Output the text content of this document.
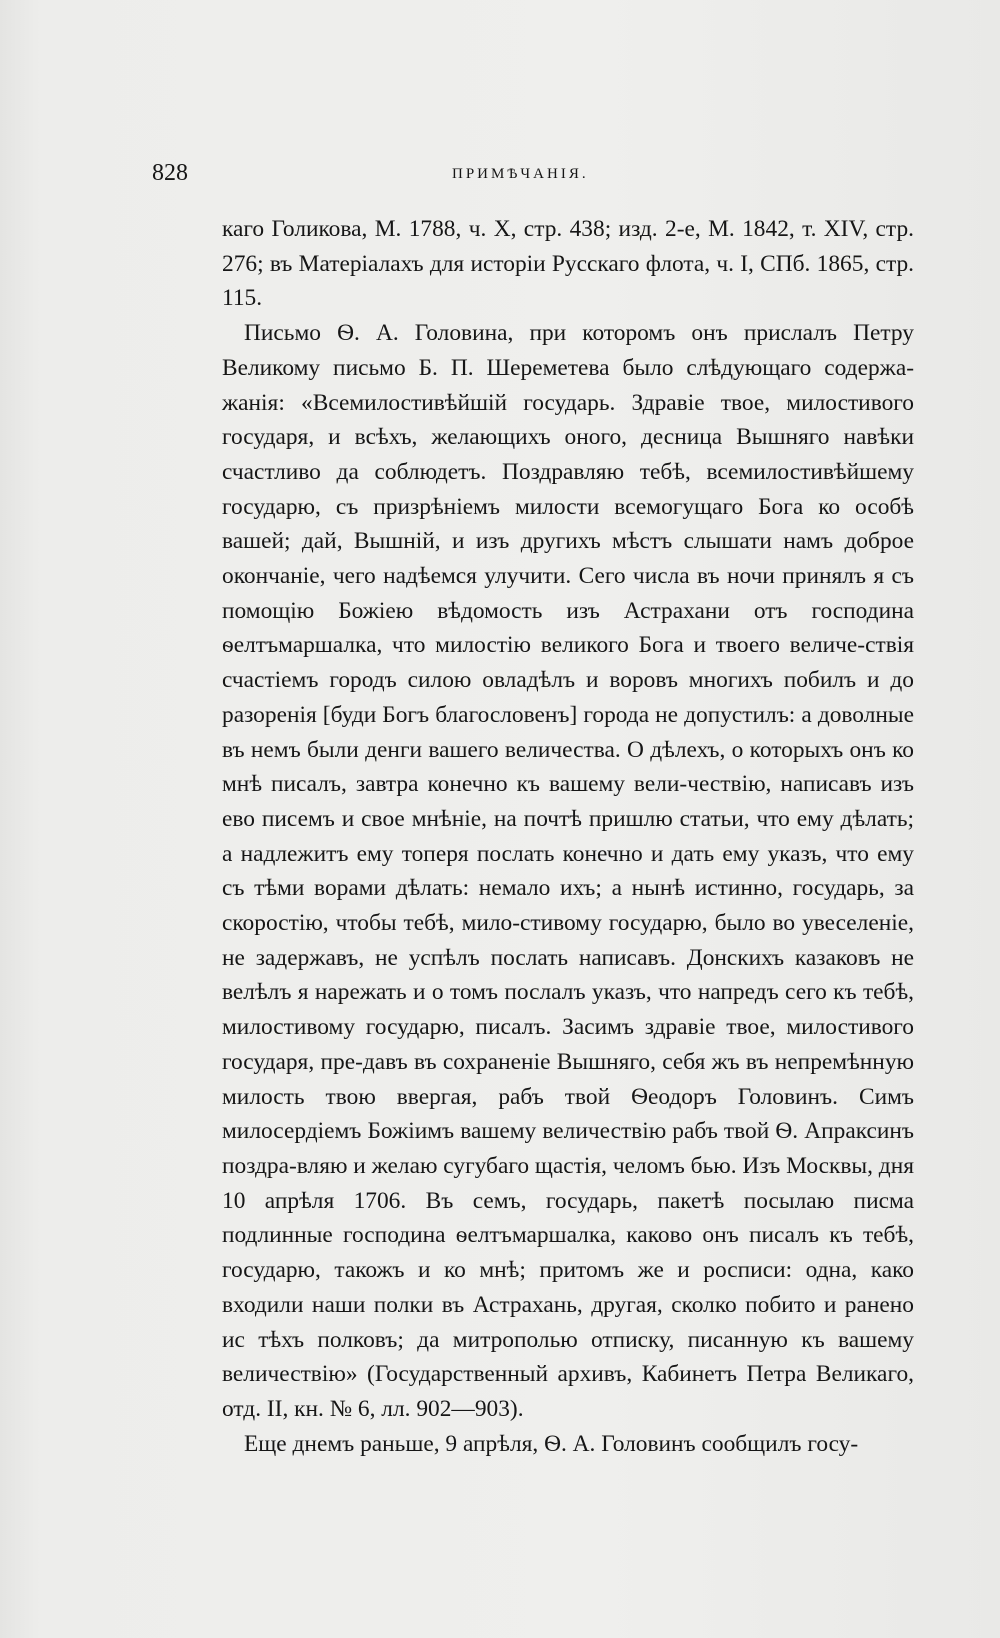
828	ПРИМѢЧАНІЯ.

каго Голикова, М. 1788, ч. X, стр. 438; изд. 2-е, М. 1842, т. XIV, стр. 276; въ Матеріалахъ для исторіи Русскаго флота, ч. I, СПб. 1865, стр. 115.

Письмо Ѳ. А. Головина, при которомъ онъ прислалъ Петру Великому письмо Б. П. Шереметева было слѣдующаго содержа-жанія: «Всемилостивѣйшій государь. Здравіе твое, милостивого государя, и всѣхъ, желающихъ оного, десница Вышняго навѣки счастливо да соблюдетъ. Поздравляю тебѣ, всемилостивѣйшему государю, съ призрѣніемъ милости всемогущаго Бога ко особѣ вашей; дай, Вышній, и изъ другихъ мѣстъ слышати намъ доброе окончаніе, чего надѣемся улучити. Сего числа въ ночи принялъ я съ помощію Божіею вѣдомость изъ Астрахани отъ господина ѳелтъмаршалка, что милостію великого Бога и твоего величе-ствія счастіемъ городъ силою овладѣлъ и воровъ многихъ побилъ и до разоренія [буди Богъ благословенъ] города не допустилъ: а доволные въ немъ были денги вашего величества. О дѣлехъ, о которыхъ онъ ко мнѣ писалъ, завтра конечно къ вашему вели-чествію, написавъ изъ ево писемъ и свое мнѣніе, на почтѣ пришлю статьи, что ему дѣлать; а надлежитъ ему топеря послать конечно и дать ему указъ, что ему съ тѣми ворами дѣлать: немало ихъ; а нынѣ истинно, государь, за скоростію, чтобы тебѣ, мило-стивому государю, было во увеселеніе, не задержавъ, не успѣлъ послать написавъ. Донскихъ казаковъ не велѣлъ я нарежать и о томъ послалъ указъ, что напредъ сего къ тебѣ, милостивому государю, писалъ. Засимъ здравіе твое, милостивого государя, пре-давъ въ сохраненіе Вышняго, себя жъ въ непремѣнную милость твою ввергая, рабъ твой Ѳеодоръ Головинъ. Симъ милосердіемъ Божіимъ вашему величествію рабъ твой Ѳ. Апраксинъ поздра-вляю и желаю сугубаго щастія, челомъ бью. Изъ Москвы, дня 10 апрѣля 1706. Въ семъ, государь, пакетѣ посылаю писма подлинные господина ѳелтъмаршалка, каково онъ писалъ къ тебѣ, государю, такожъ и ко мнѣ; притомъ же и росписи: одна, како входили наши полки въ Астрахань, другая, сколко побито и ранено ис тѣхъ полковъ; да митрополью отписку, писанную къ вашему величествію» (Государственный архивъ, Кабинетъ Петра Великаго, отд. II, кн. № 6, лл. 902—903).

Еще днемъ раньше, 9 апрѣля, Ѳ. А. Головинъ сообщилъ госу-
